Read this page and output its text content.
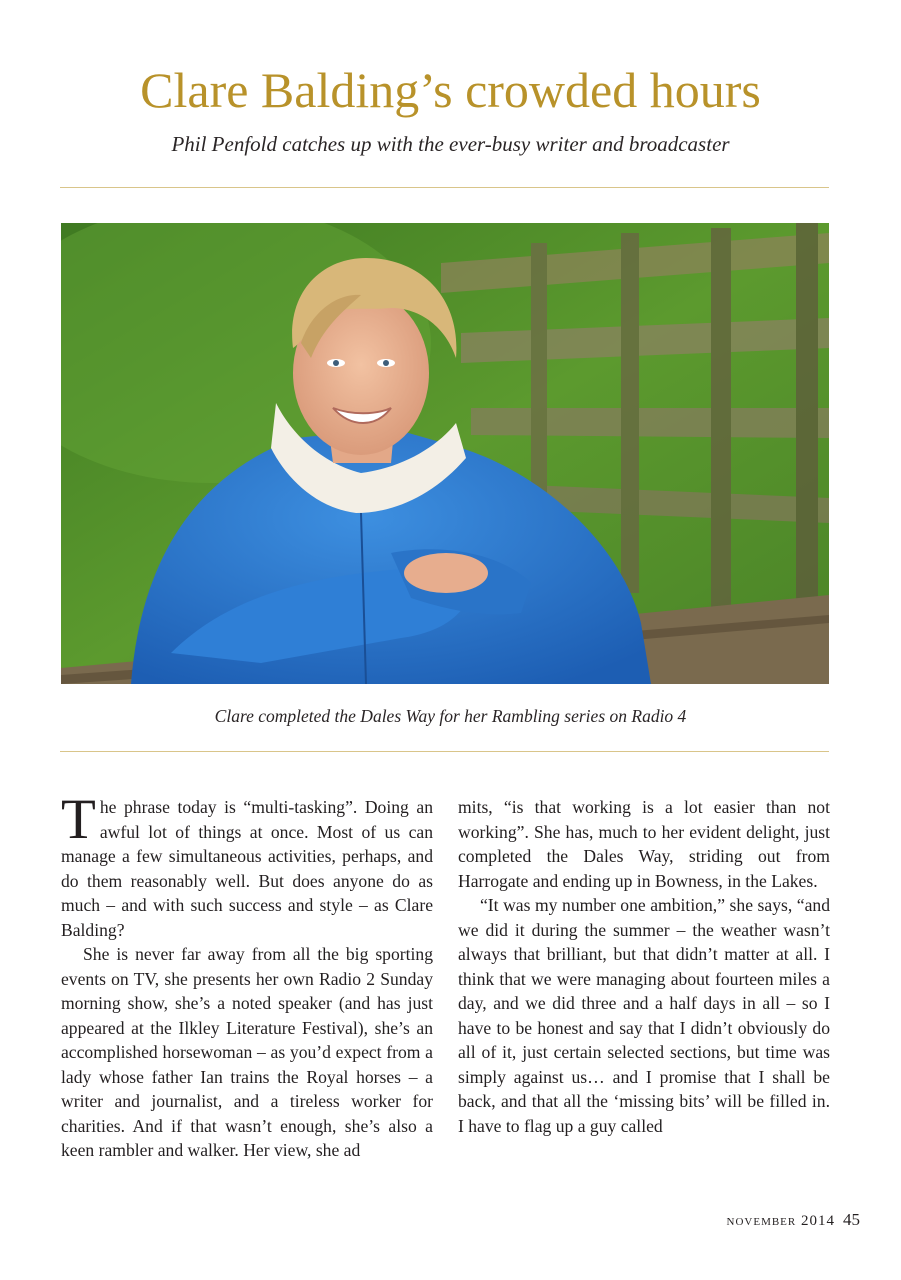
Clare Balding’s crowded hours

Phil Penfold catches up with the ever-busy writer and broadcaster

Clare completed the Dales Way for her Rambling series on Radio 4

The phrase today is “multi-tasking”. Doing an awful lot of things at once. Most of us can manage a few simultaneous activities, perhaps, and do them reasonably well. But does anyone do as much – and with such success and style – as Clare Balding?

She is never far away from all the big sporting events on TV, she presents her own Radio 2 Sunday morning show, she’s a noted speaker (and has just appeared at the Ilkley Literature Festival), she’s an accomplished horsewoman – as you’d expect from a lady whose father Ian trains the Royal horses – a writer and journalist, and a tireless worker for charities. And if that wasn’t enough, she’s also a keen rambler and walker. Her view, she ad

mits, “is that working is a lot easier than not working”. She has, much to her evident delight, just completed the Dales Way, striding out from Harrogate and ending up in Bowness, in the Lakes.

“It was my number one ambition,” she says, “and we did it during the summer – the weather wasn’t always that brilliant, but that didn’t matter at all. I think that we were managing about fourteen miles a day, and we did three and a half days in all – so I have to be honest and say that I didn’t obviously do all of it, just certain selected sections, but time was simply against us… and I promise that I shall be back, and that all the ‘missing bits’ will be filled in. I have to flag up a guy called

november 2014 45
